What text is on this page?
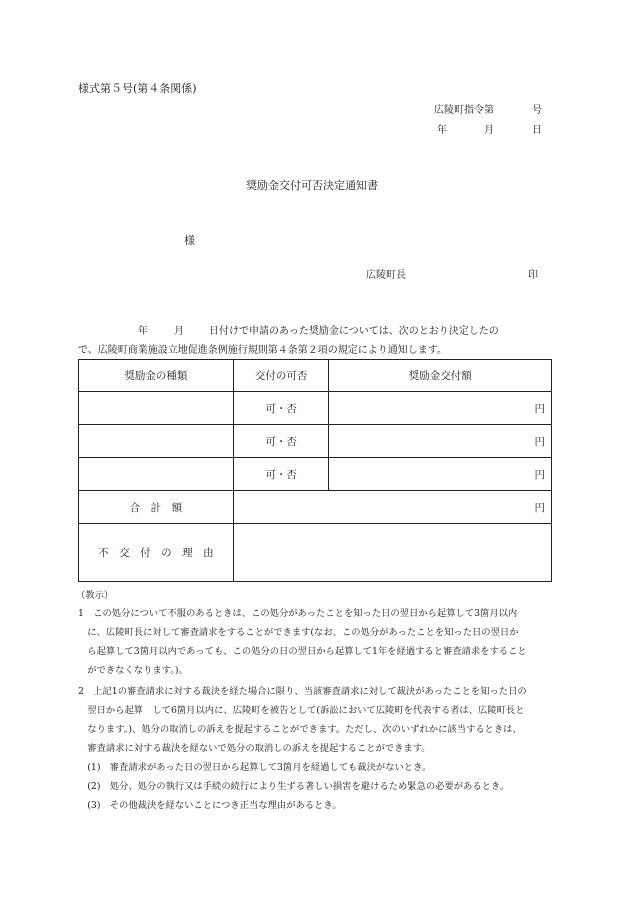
様式第５号(第４条関係)
広陵町指令第	号
年	月	日
奨励金交付可否決定通知書
様
広陵町長	印
年	月	日付けで申請のあった奨励金については、次のとおり決定したの
で、広陵町商業施設立地促進条例施行規則第４条第２項の規定により通知します。
奨励金の種類	交付の可否	奨励金交付額
	可・否	円
	可・否	円
	可・否	円
合　計　額	円	
不　交　付　の　理　由		
（教示）
1　この処分について不服のあるときは、この処分があったことを知った日の翌日から起算して3箇月以内
　に、広陵町長に対して審査請求をすることができます(なお、この処分があったことを知った日の翌日か
　ら起算して3箇月以内であっても、この処分の日の翌日から起算して1年を経過すると審査請求をすること
　ができなくなります。)。
2　上記1の審査請求に対する裁決を経た場合に限り、当該審査請求に対して裁決があったことを知った日の
　翌日から起算　して6箇月以内に、広陵町を被告として(訴訟において広陵町を代表する者は、広陵町長と
　なります。)、処分の取消しの訴えを提起することができます。ただし、次のいずれかに該当するときは、
　審査請求に対する裁決を経ないで処分の取消しの訴えを提起することができます。
　(1)　審査請求があった日の翌日から起算して3箇月を経過しても裁決がないとき。
　(2)　処分、処分の執行又は手続の続行により生ずる著しい損害を避けるため緊急の必要があるとき。
　(3)　その他裁決を経ないことにつき正当な理由があるとき。
